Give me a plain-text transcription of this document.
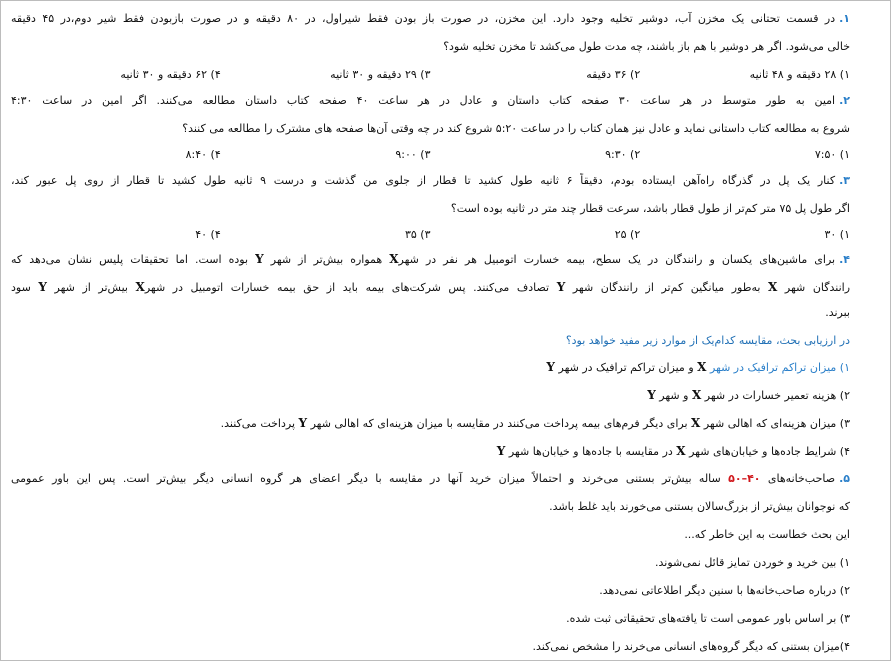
۱.در قسمت تحتانی یک مخزن آب، دوشیر تخلیه وجود دارد. این مخزن، در صورت باز بودن فقط شیراول، در ۸۰ دقیقه و در صورت بازبودن فقط شیر دوم،در ۴۵ دقیقه
خالی می‌شود. اگر هر دوشیر با هم باز باشند، چه مدت طول می‌کشد تا مخزن تخلیه شود؟
۱) ۲۸ دقیقه و ۴۸ ثانیه
۲) ۳۶ دقیقه
۳) ۲۹ دقیقه و ۳۰ ثانیه
۴) ۶۲ دقیقه و ۳۰ ثانیه
۲.امین به طور متوسط در هر ساعت ۳۰ صفحه کتاب داستان و عادل در هر ساعت ۴۰ صفحه کتاب داستان مطالعه می‌کنند. اگر امین در ساعت ۴:۳۰
شروع به مطالعه کتاب داستانی نماید و عادل نیز همان کتاب را در ساعت ۵:۲۰ شروع کند در چه وقتی آن‌ها صفحه های مشترک را مطالعه می کنند؟
۱) ۷:۵۰
۲) ۹:۳۰
۳) ۹:۰۰
۴) ۸:۴۰
۳.کنار یک پل در گذرگاه راه‌آهن ایستاده بودم، دقیقاً ۶ ثانیه طول کشید تا قطار از جلوی من گذشت و درست ۹ ثانیه طول کشید تا قطار از روی پل عبور کند،
اگر طول پل ۷۵ متر کم‌تر از طول قطار باشد، سرعت قطار چند متر در ثانیه بوده است؟
۱) ۳۰
۲) ۲۵
۳) ۳۵
۴) ۴۰
۴.برای ماشین‌های یکسان و رانندگان در یک سطح، بیمه خسارت اتومبیل هر نفر در شهرX همواره بیش‌تر از شهر Y بوده است. اما تحقیقات پلیس نشان می‌دهد که
رانندگان شهر X به‌طور میانگین کم‌تر از رانندگان شهر Y تصادف می‌کنند. پس شرکت‌های بیمه باید از حق بیمه خسارات اتومبیل در شهرX بیش‌تر از شهر Y سود
ببرند.
در ارزیابی بحث، مقایسه کدام‌یک از موارد زیر مفید خواهد بود؟
۱) میزان تراکم ترافیک در شهر X و میزان تراکم ترافیک در شهر Y
۲) هزینه تعمیر خسارات در شهر X و شهر Y
۳) میزان هزینه‌ای که اهالی شهر X برای دیگر فرم‌های بیمه پرداخت می‌کنند در مقایسه با میزان هزینه‌ای که اهالی شهر Y پرداخت می‌کنند.
۴) شرایط جاده‌ها و خیابان‌های شهر X در مقایسه با جاده‌ها و خیابان‌ها شهر Y
۵.صاحب‌خانه‌های ۴۰–۵۰ ساله بیش‌تر بستنی می‌خرند و احتمالاً میزان خرید آنها در مقایسه با دیگر اعضای هر گروه انسانی دیگر بیش‌تر است. پس این باور عمومی
که نوجوانان بیش‌تر از بزرگ‌سالان بستنی می‌خورند باید غلط باشد.
این بحث خطاست به این خاطر که...
۱) بین خرید و خوردن تمایز قائل نمی‌شوند.
۲) درباره صاحب‌خانه‌ها با سنین دیگر اطلاعاتی نمی‌دهد.
۳) بر اساس باور عمومی است تا یافته‌های تحقیقاتی ثبت شده.
۴)میزان بستنی که دیگر گروه‌های انسانی می‌خرند را مشخص نمی‌کند.
